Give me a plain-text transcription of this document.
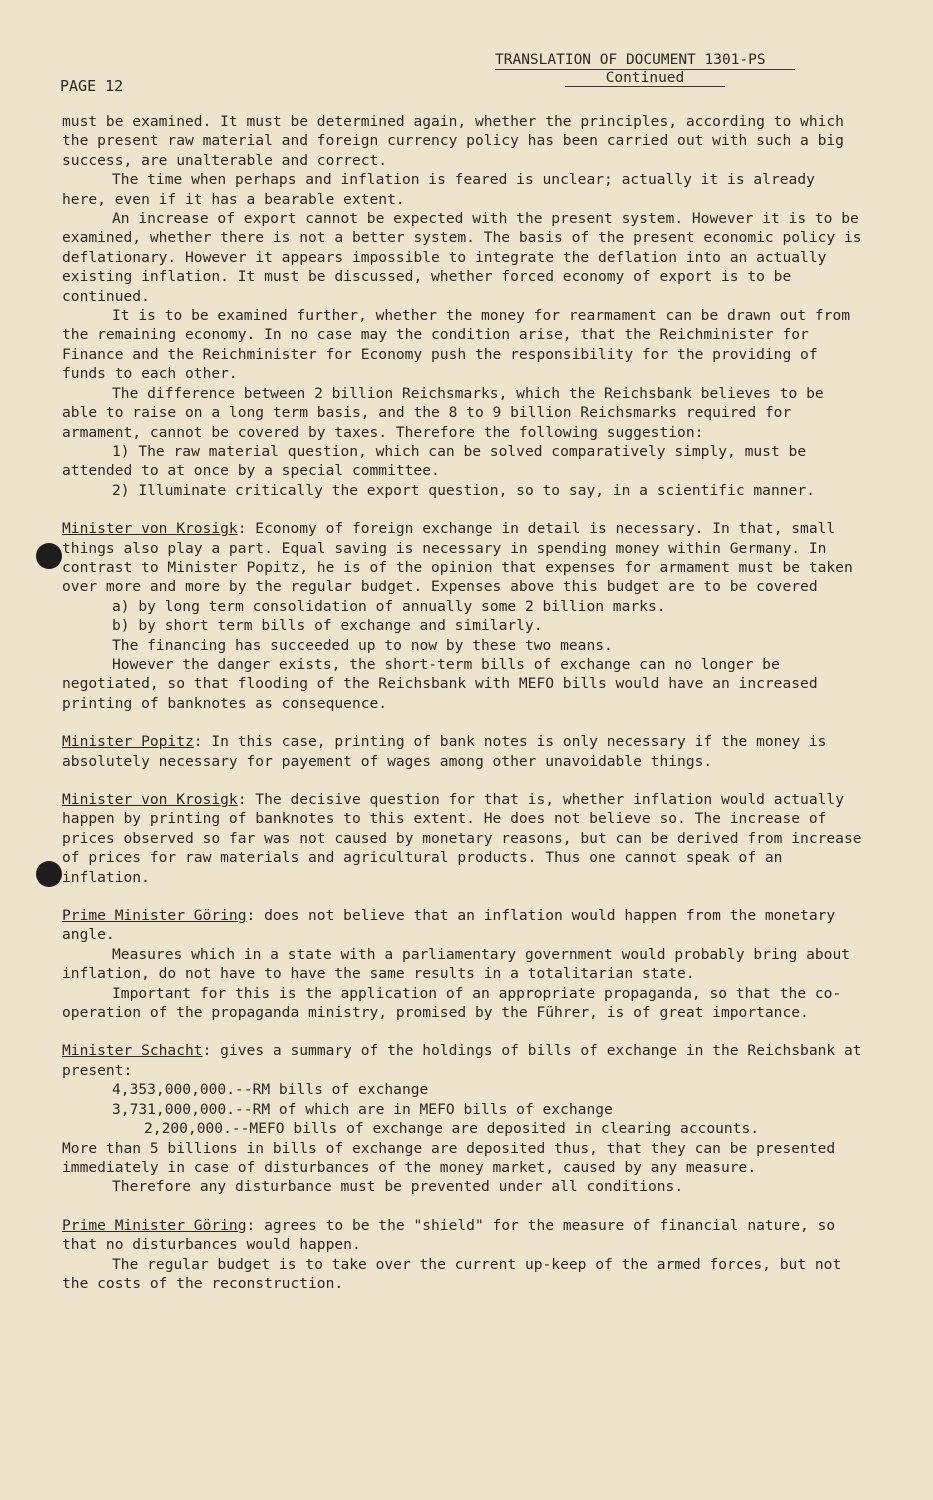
PAGE 12
TRANSLATION OF DOCUMENT 1301-PS
Continued

must be examined. It must be determined again, whether the principles, according to which the present raw material and foreign currency policy has been carried out with such a big success, are unalterable and correct.

The time when perhaps and inflation is feared is unclear; actually it is already here, even if it has a bearable extent.

An increase of export cannot be expected with the present system. However it is to be examined, whether there is not a better system. The basis of the present economic policy is deflationary. However it appears impossible to integrate the deflation into an actually existing inflation. It must be discussed, whether forced economy of export is to be continued.

It is to be examined further, whether the money for rearmament can be drawn out from the remaining economy. In no case may the condition arise, that the Reichminister for Finance and the Reichminister for Economy push the responsibility for the providing of funds to each other.

The difference between 2 billion Reichsmarks, which the Reichsbank believes to be able to raise on a long term basis, and the 8 to 9 billion Reichsmarks required for armament, cannot be covered by taxes. Therefore the following suggestion:

1) The raw material question, which can be solved comparatively simply, must be attended to at once by a special committee.

2) Illuminate critically the export question, so to say, in a scientific manner.

Minister von Krosigk: Economy of foreign exchange in detail is necessary. In that, small things also play a part. Equal saving is necessary in spending money within Germany. In contrast to Minister Popitz, he is of the opinion that expenses for armament must be taken over more and more by the regular budget. Expenses above this budget are to be covered

a) by long term consolidation of annually some 2 billion marks.

b) by short term bills of exchange and similarly.

The financing has succeeded up to now by these two means.

However the danger exists, the short-term bills of exchange can no longer be negotiated, so that flooding of the Reichsbank with MEFO bills would have an increased printing of banknotes as consequence.

Minister Popitz: In this case, printing of bank notes is only necessary if the money is absolutely necessary for payement of wages among other unavoidable things.

Minister von Krosigk: The decisive question for that is, whether inflation would actually happen by printing of banknotes to this extent. He does not believe so. The increase of prices observed so far was not caused by monetary reasons, but can be derived from increase of prices for raw materials and agricultural products. Thus one cannot speak of an inflation.

Prime Minister Göring: does not believe that an inflation would happen from the monetary angle.

Measures which in a state with a parliamentary government would probably bring about inflation, do not have to have the same results in a totalitarian state.

Important for this is the application of an appropriate propaganda, so that the co-operation of the propaganda ministry, promised by the Führer, is of great importance.

Minister Schacht: gives a summary of the holdings of bills of exchange in the Reichsbank at present:

4,353,000,000.--RM bills of exchange

3,731,000,000.--RM of which are in MEFO bills of exchange

2,200,000.--MEFO bills of exchange are deposited in clearing accounts.

More than 5 billions in bills of exchange are deposited thus, that they can be presented immediately in case of disturbances of the money market, caused by any measure.

Therefore any disturbance must be prevented under all conditions.

Prime Minister Göring: agrees to be the "shield" for the measure of financial nature, so that no disturbances would happen.

The regular budget is to take over the current up-keep of the armed forces, but not the costs of the reconstruction.
